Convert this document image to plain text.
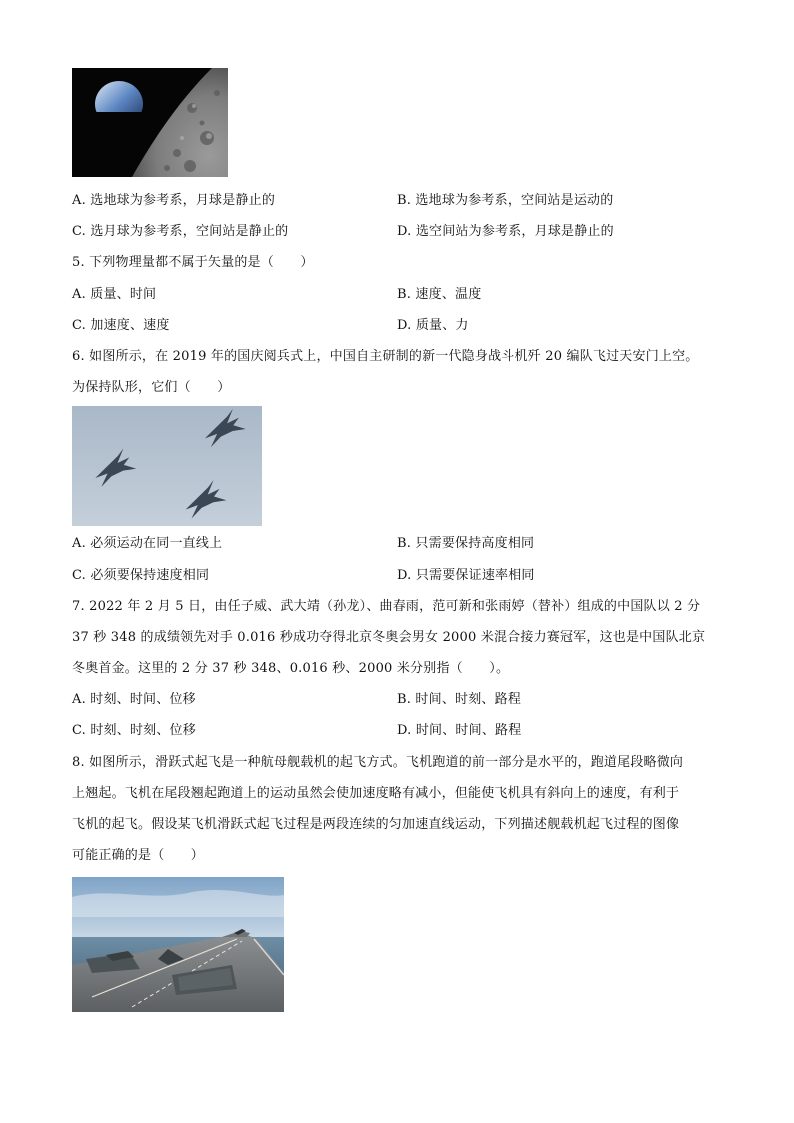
A. 选地球为参考系，月球是静止的	B. 选地球为参考系，空间站是运动的
C. 选月球为参考系，空间站是静止的	D. 选空间站为参考系，月球是静止的
5. 下列物理量都不属于矢量的是（　　）
A. 质量、时间	B. 速度、温度
C. 加速度、速度	D. 质量、力
6. 如图所示，在 2019 年的国庆阅兵式上，中国自主研制的新一代隐身战斗机歼 20 编队飞过天安门上空。
为保持队形，它们（　　）
A. 必须运动在同一直线上	B. 只需要保持高度相同
C. 必须要保持速度相同	D. 只需要保证速率相同
7. 2022 年 2 月 5 日，由任子威、武大靖（孙龙）、曲春雨，范可新和张雨婷（替补）组成的中国队以 2 分
37 秒 348 的成绩领先对手 0.016 秒成功夺得北京冬奥会男女 2000 米混合接力赛冠军，这也是中国队北京
冬奥首金。这里的 2 分 37 秒 348、0.016 秒、2000 米分别指（　　）。
A. 时刻、时间、位移	B. 时间、时刻、路程
C. 时刻、时刻、位移	D. 时间、时间、路程
8. 如图所示，滑跃式起飞是一种航母舰载机的起飞方式。飞机跑道的前一部分是水平的，跑道尾段略微向
上翘起。飞机在尾段翘起跑道上的运动虽然会使加速度略有减小，但能使飞机具有斜向上的速度，有利于
飞机的起飞。假设某飞机滑跃式起飞过程是两段连续的匀加速直线运动，下列描述舰载机起飞过程的图像
可能正确的是（　　）
